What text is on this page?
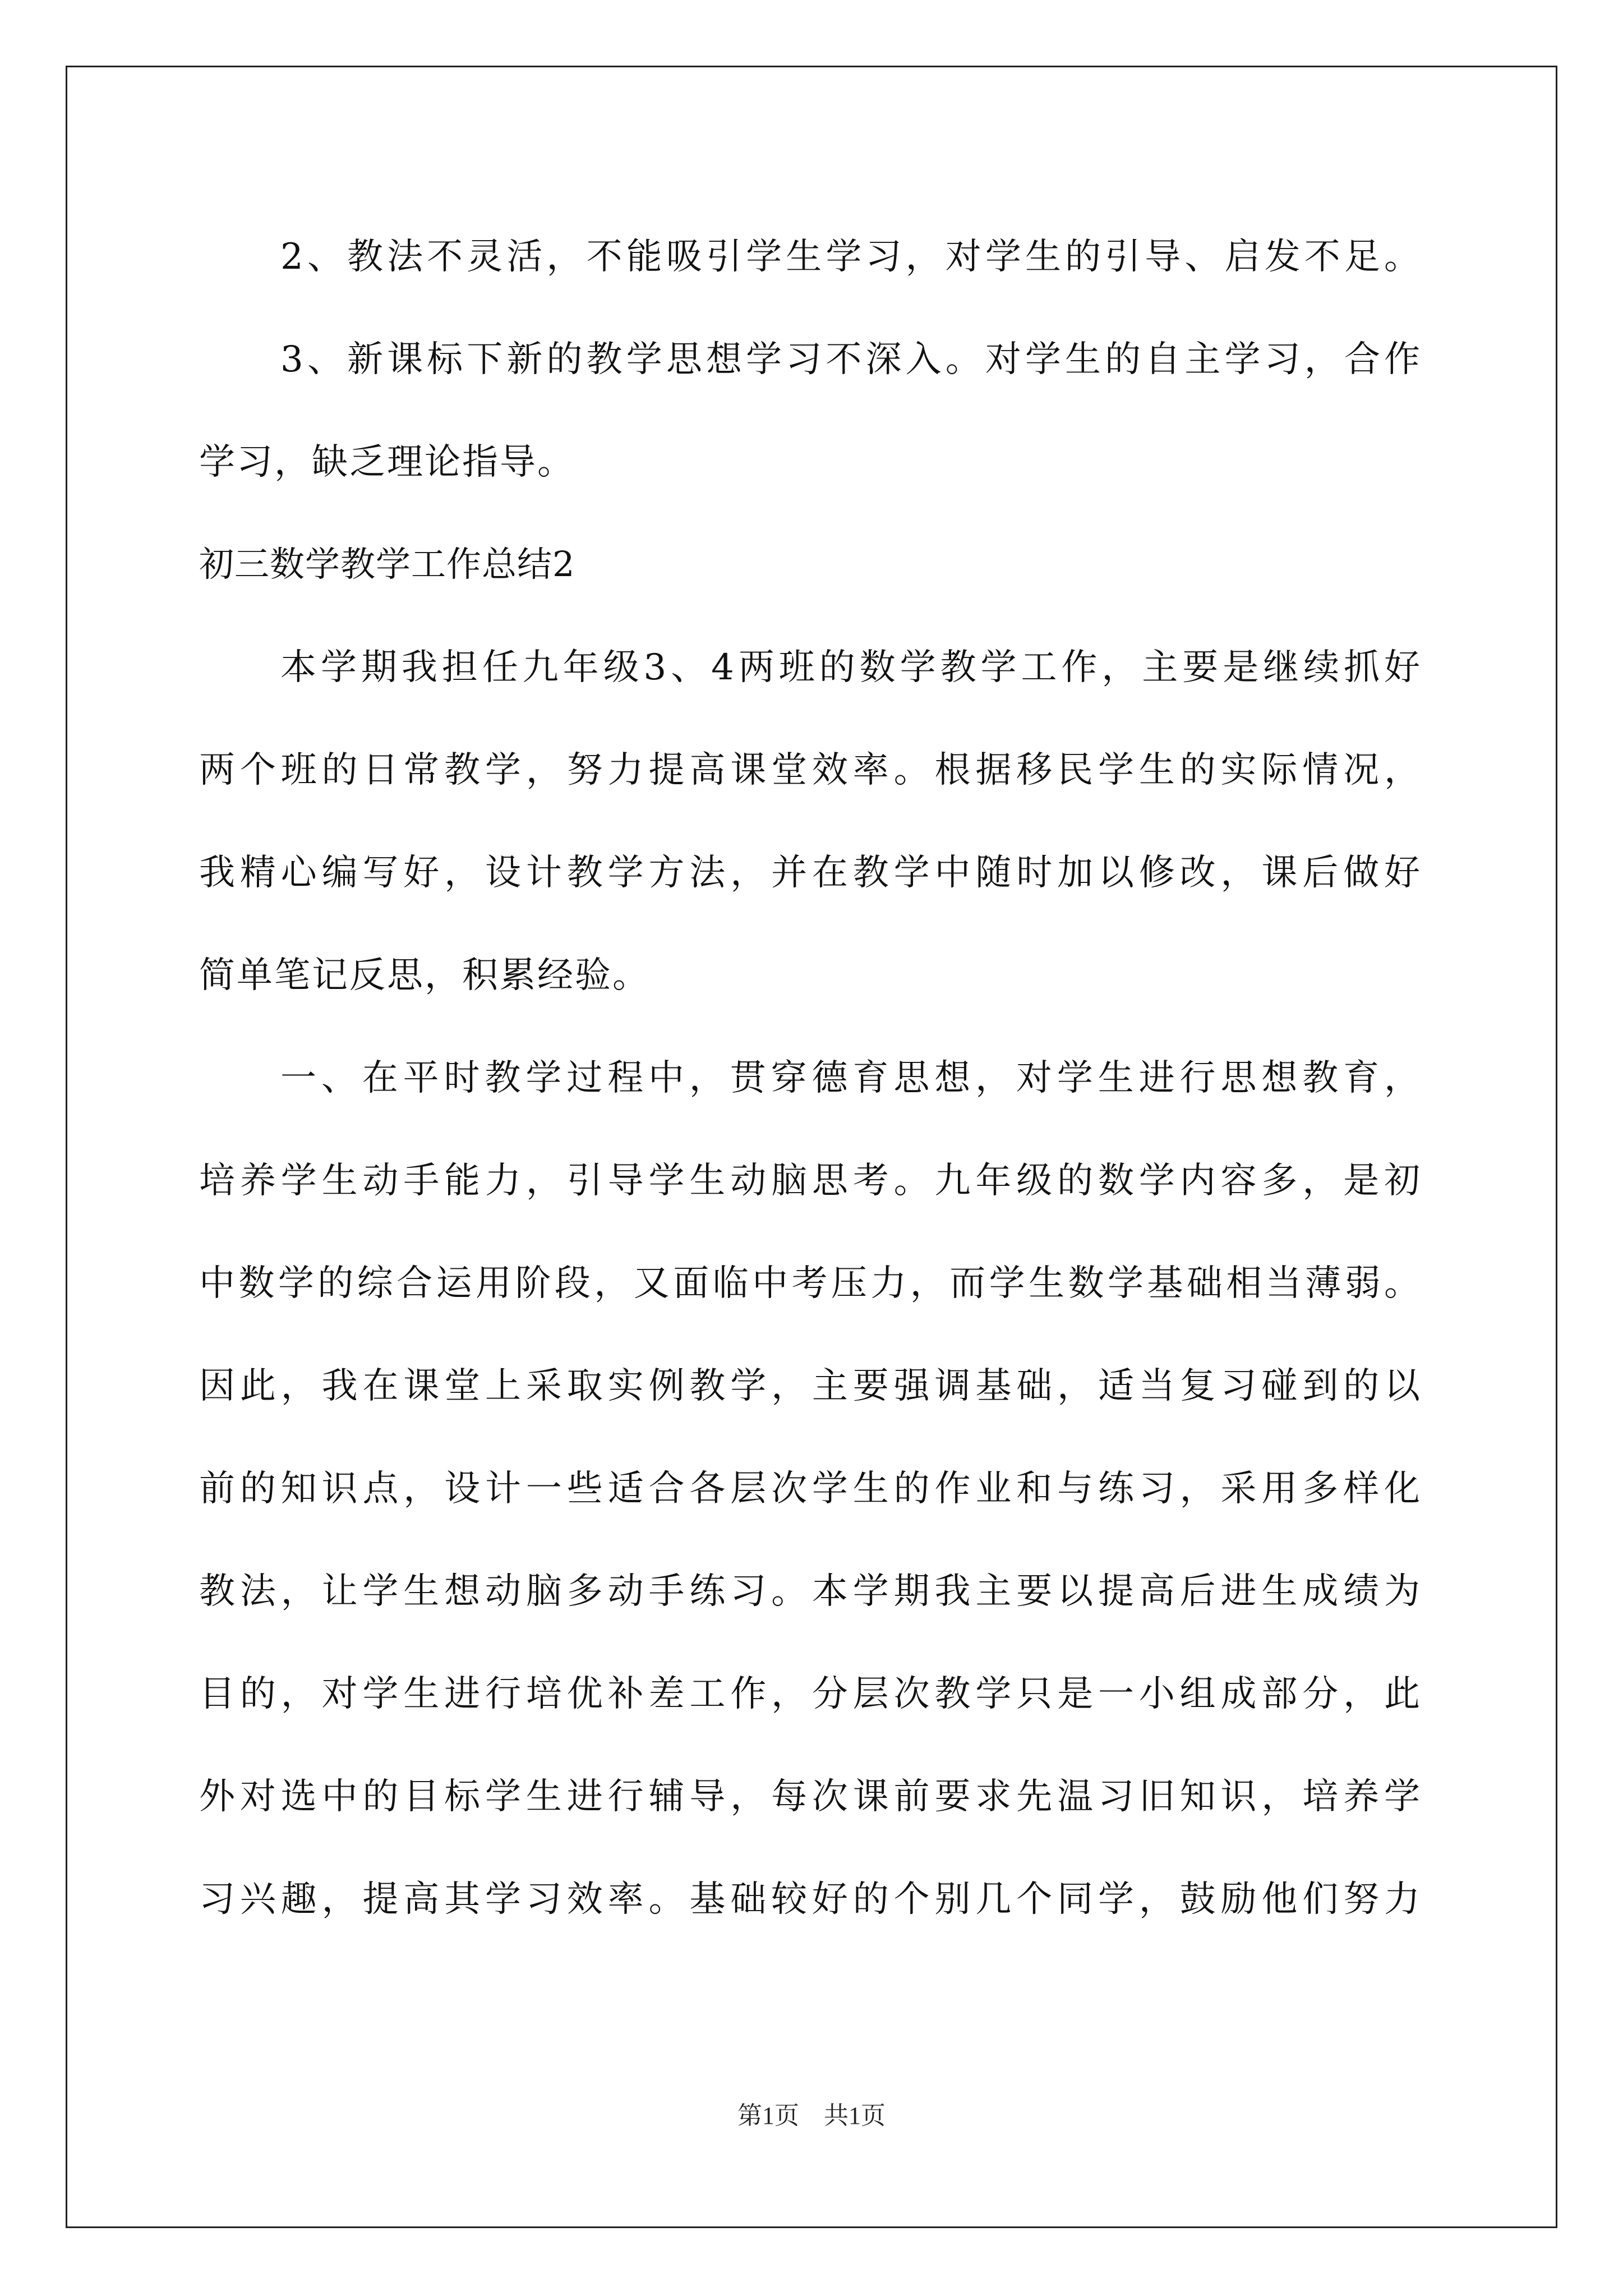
2、教法不灵活，不能吸引学生学习，对学生的引导、启发不足。
3、新课标下新的教学思想学习不深入。对学生的自主学习，合作
学习，缺乏理论指导。
初三数学教学工作总结2
本学期我担任九年级3、4两班的数学教学工作，主要是继续抓好
两个班的日常教学，努力提高课堂效率。根据移民学生的实际情况，
我精心编写好，设计教学方法，并在教学中随时加以修改，课后做好
简单笔记反思，积累经验。
一、在平时教学过程中，贯穿德育思想，对学生进行思想教育，
培养学生动手能力，引导学生动脑思考。九年级的数学内容多，是初
中数学的综合运用阶段，又面临中考压力，而学生数学基础相当薄弱。
因此，我在课堂上采取实例教学，主要强调基础，适当复习碰到的以
前的知识点，设计一些适合各层次学生的作业和与练习，采用多样化
教法，让学生想动脑多动手练习。本学期我主要以提高后进生成绩为
目的，对学生进行培优补差工作，分层次教学只是一小组成部分，此
外对选中的目标学生进行辅导，每次课前要求先温习旧知识，培养学
习兴趣，提高其学习效率。基础较好的个别几个同学，鼓励他们努力
第1页　共1页
